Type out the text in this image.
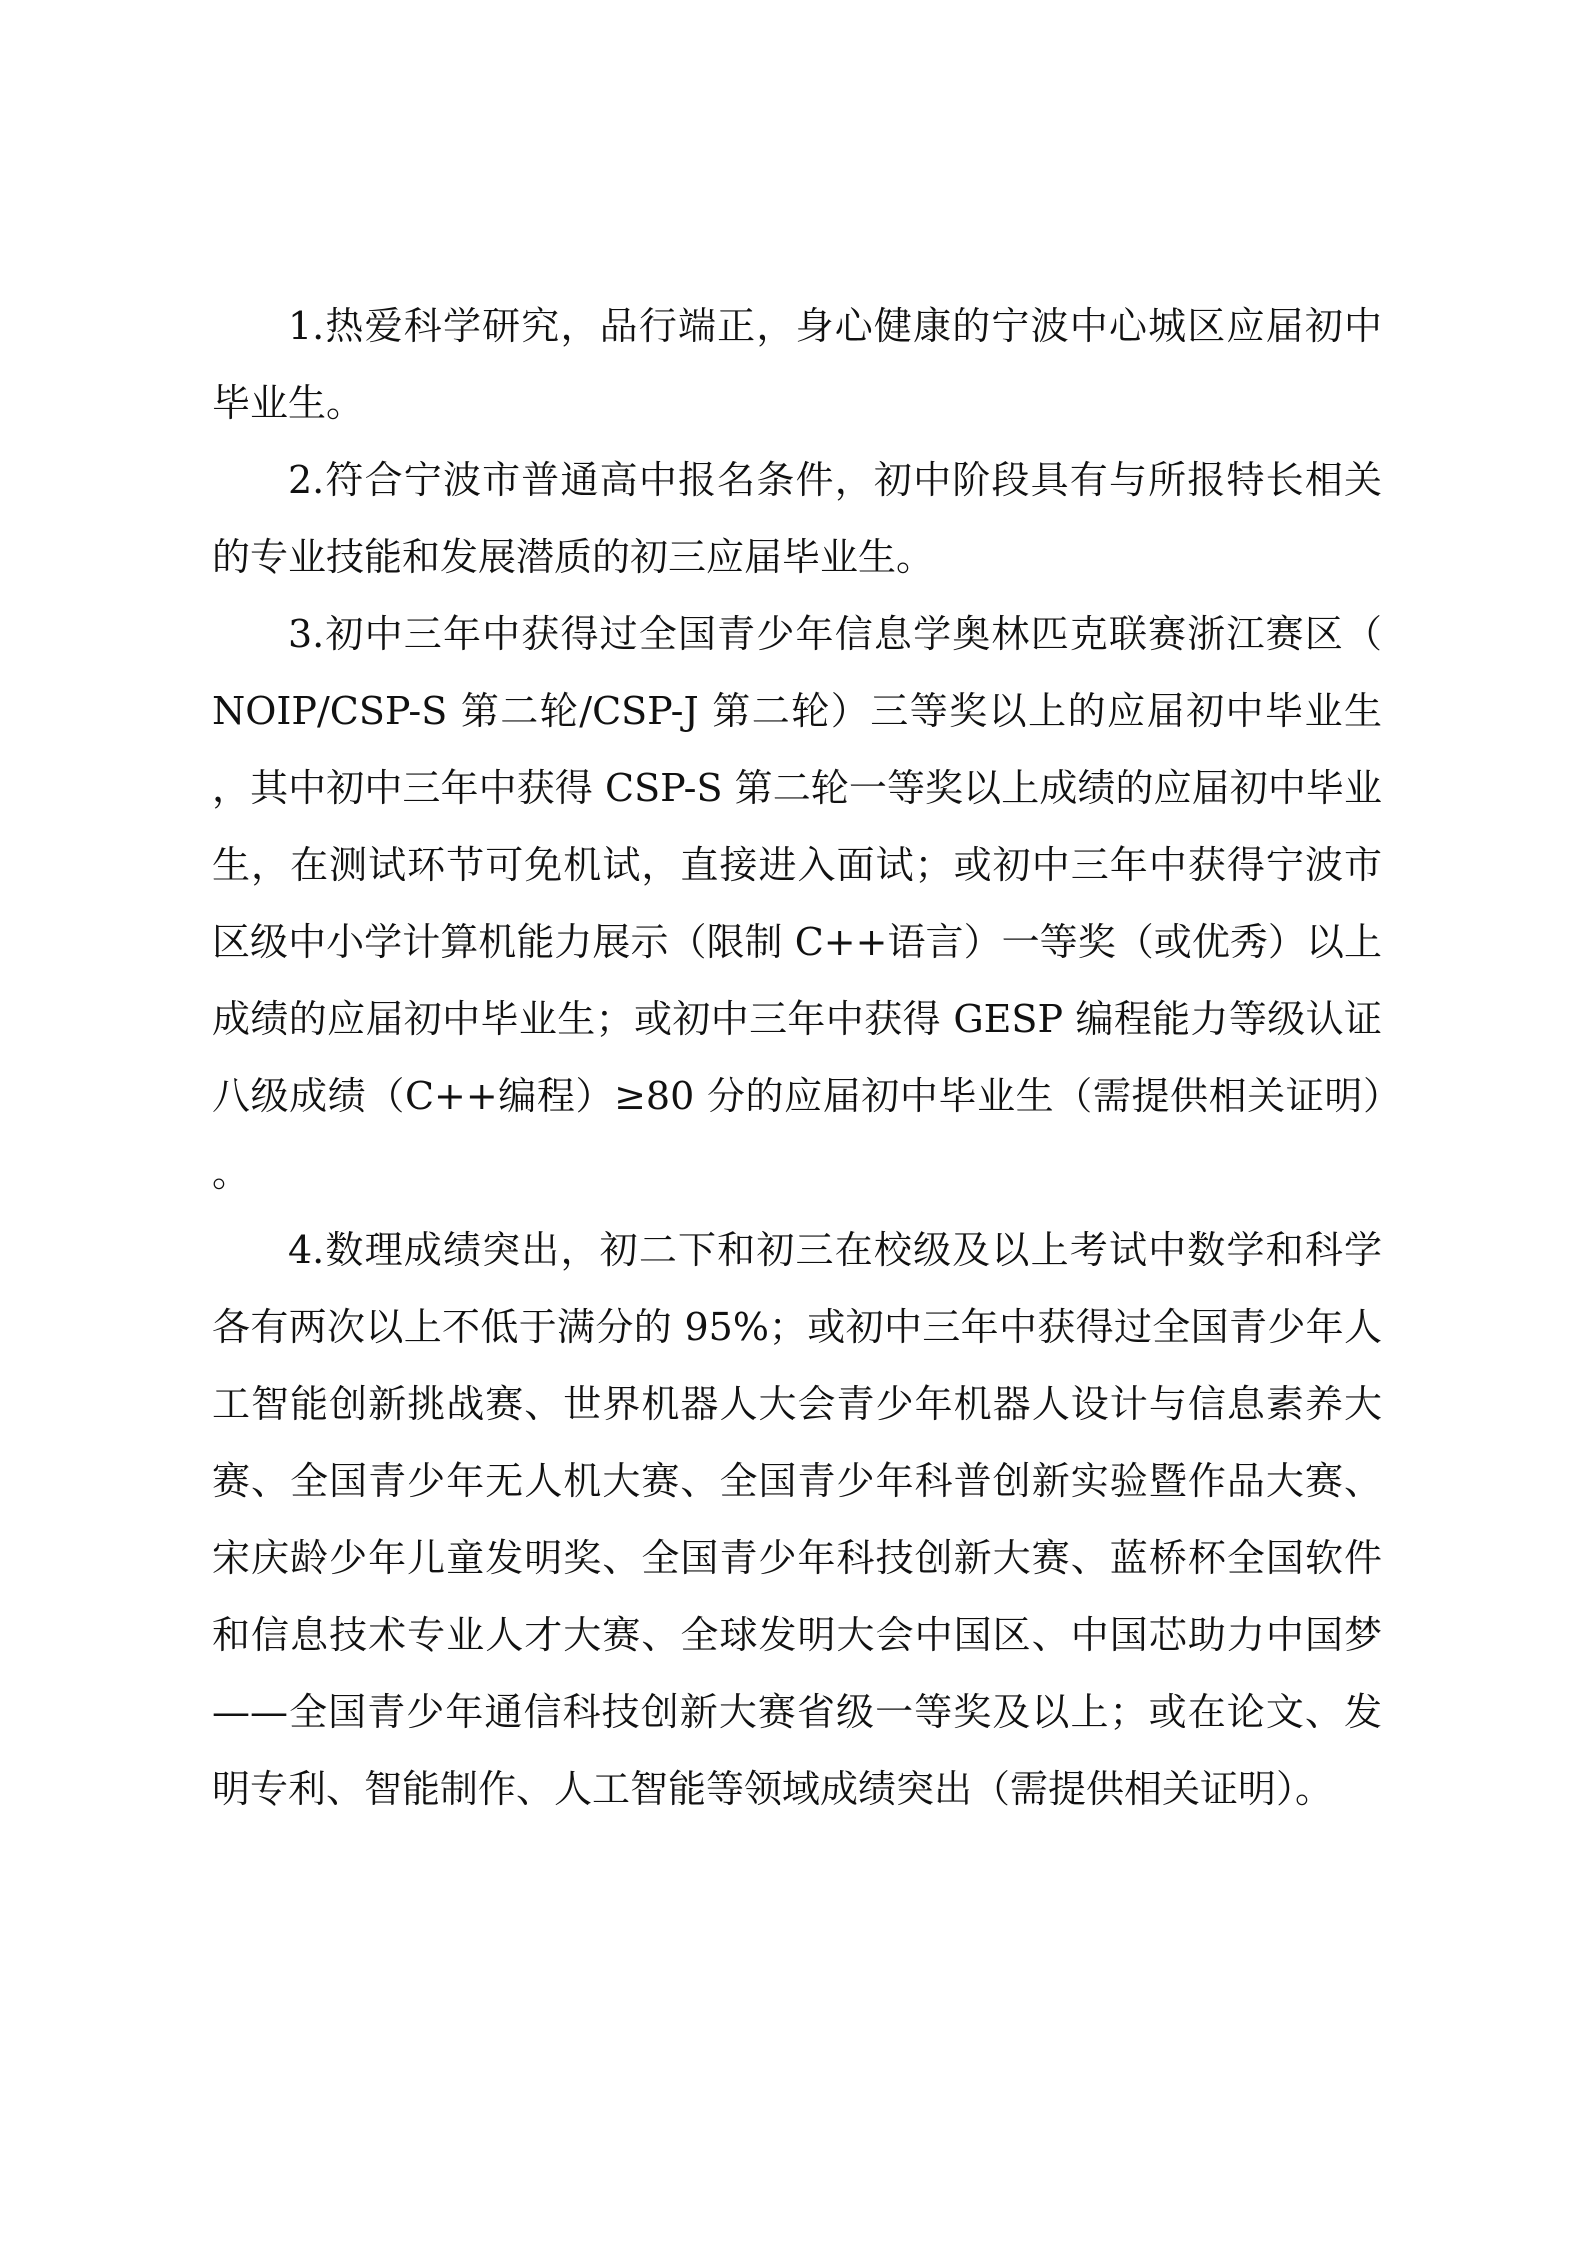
1.热爱科学研究，品行端正，身心健康的宁波中心城区应届初中毕业生。

2.符合宁波市普通高中报名条件，初中阶段具有与所报特长相关的专业技能和发展潜质的初三应届毕业生。

3.初中三年中获得过全国青少年信息学奥林匹克联赛浙江赛区（NOIP/CSP-S 第二轮/CSP-J 第二轮）三等奖以上的应届初中毕业生，其中初中三年中获得 CSP-S 第二轮一等奖以上成绩的应届初中毕业生，在测试环节可免机试，直接进入面试；或初中三年中获得宁波市区级中小学计算机能力展示（限制 C++语言）一等奖（或优秀）以上成绩的应届初中毕业生；或初中三年中获得 GESP 编程能力等级认证八级成绩（C++编程）≥80 分的应届初中毕业生（需提供相关证明）。

4.数理成绩突出，初二下和初三在校级及以上考试中数学和科学各有两次以上不低于满分的 95%；或初中三年中获得过全国青少年人工智能创新挑战赛、世界机器人大会青少年机器人设计与信息素养大赛、全国青少年无人机大赛、全国青少年科普创新实验暨作品大赛、宋庆龄少年儿童发明奖、全国青少年科技创新大赛、蓝桥杯全国软件和信息技术专业人才大赛、全球发明大会中国区、中国芯助力中国梦——全国青少年通信科技创新大赛省级一等奖及以上；或在论文、发明专利、智能制作、人工智能等领域成绩突出（需提供相关证明）。
